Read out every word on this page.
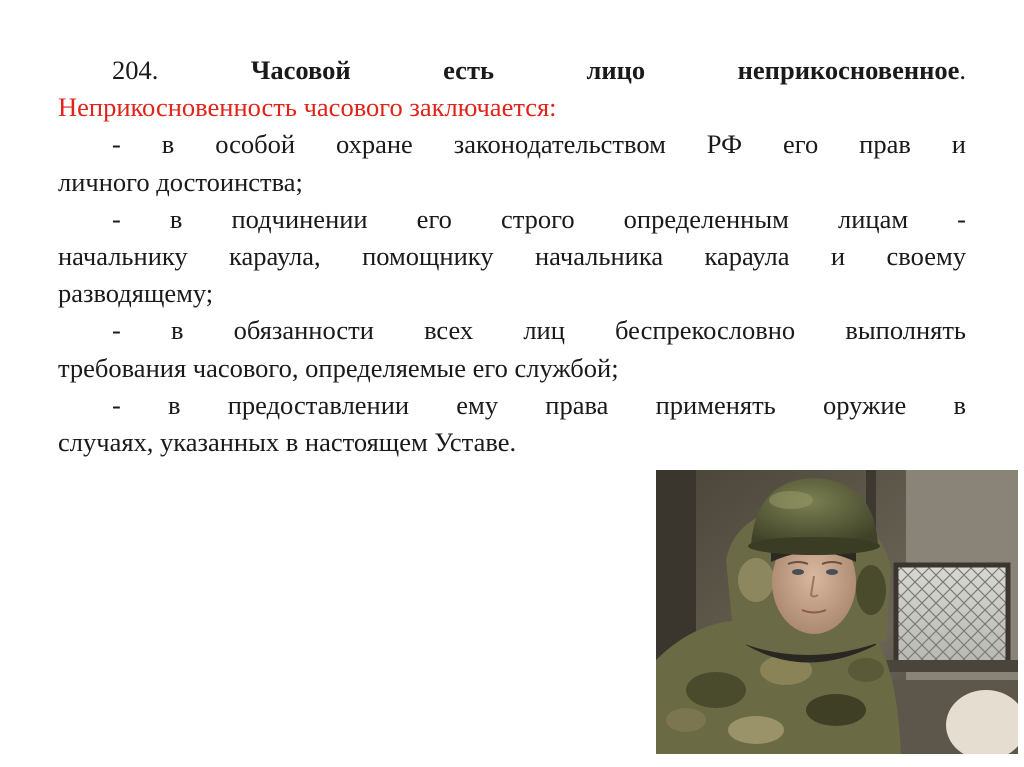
204.	Часовой есть лицо неприкосновенное.
Неприкосновенность часового заключается:
- в особой охране законодательством РФ его прав и
личного достоинства;
- в подчинении его строго определенным лицам -
начальнику караула, помощнику начальника караула и своему
разводящему;
- в обязанности всех лиц беспрекословно выполнять
требования часового, определяемые его службой;
- в предоставлении ему права применять оружие в
случаях, указанных в настоящем Уставе.
